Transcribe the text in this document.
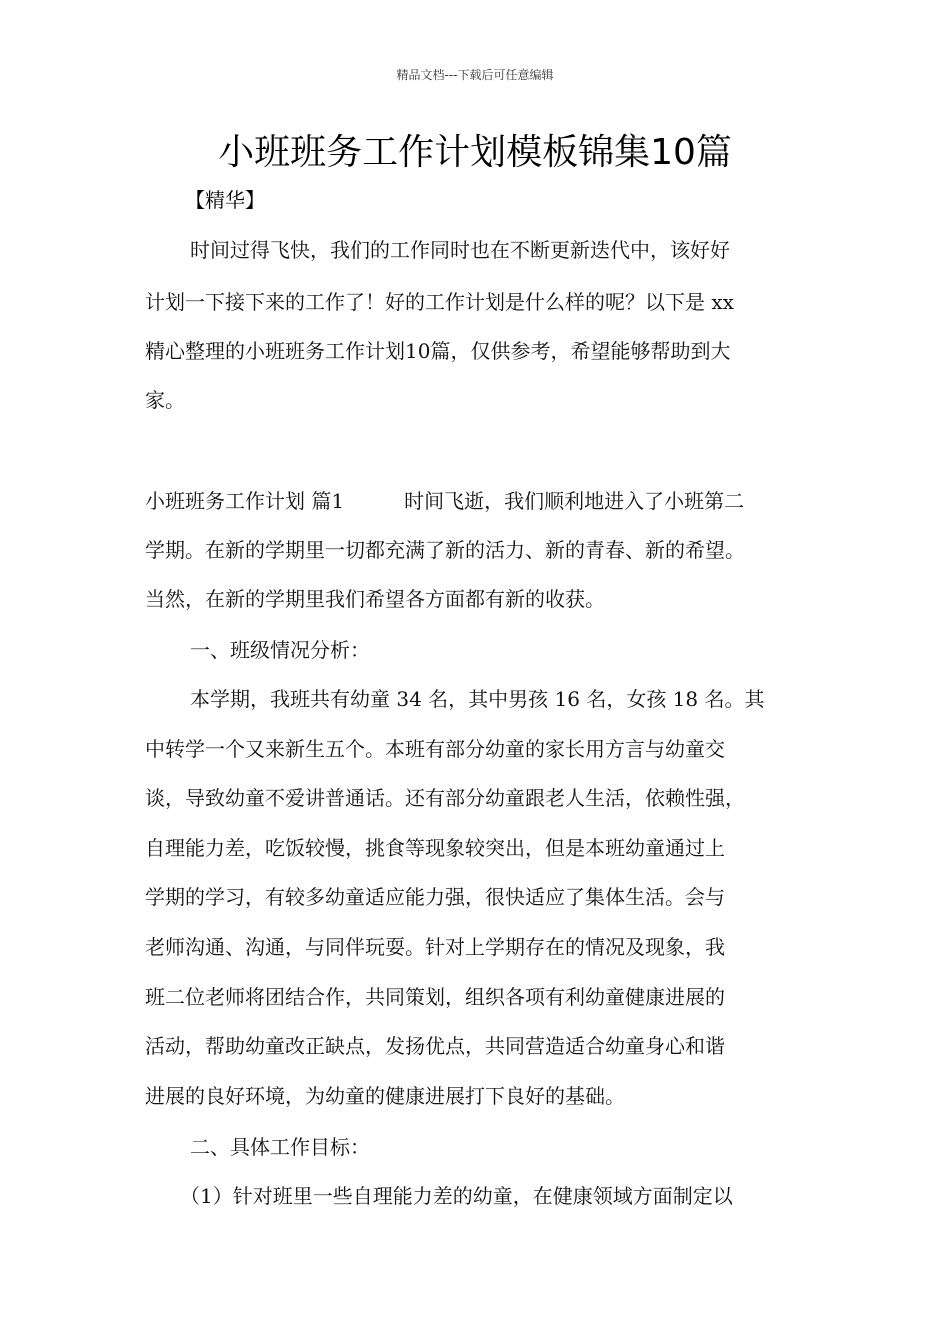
精品文档---下载后可任意编辑
小班班务工作计划模板锦集10篇
【精华】
时间过得飞快，我们的工作同时也在不断更新迭代中，该好好
计划一下接下来的工作了！好的工作计划是什么样的呢？以下是 xx
精心整理的小班班务工作计划10篇，仅供参考，希望能够帮助到大
家。
小班班务工作计划 篇1	时间飞逝，我们顺利地进入了小班第二
学期。在新的学期里一切都充满了新的活力、新的青春、新的希望。
当然，在新的学期里我们希望各方面都有新的收获。
一、班级情况分析：
本学期，我班共有幼童 34 名，其中男孩 16 名，女孩 18 名。其
中转学一个又来新生五个。本班有部分幼童的家长用方言与幼童交
谈，导致幼童不爱讲普通话。还有部分幼童跟老人生活，依赖性强，
自理能力差，吃饭较慢，挑食等现象较突出，但是本班幼童通过上
学期的学习，有较多幼童适应能力强，很快适应了集体生活。会与
老师沟通、沟通，与同伴玩耍。针对上学期存在的情况及现象，我
班二位老师将团结合作，共同策划，组织各项有利幼童健康进展的
活动，帮助幼童改正缺点，发扬优点，共同营造适合幼童身心和谐
进展的良好环境，为幼童的健康进展打下良好的基础。
二、具体工作目标：
（1）针对班里一些自理能力差的幼童，在健康领域方面制定以
